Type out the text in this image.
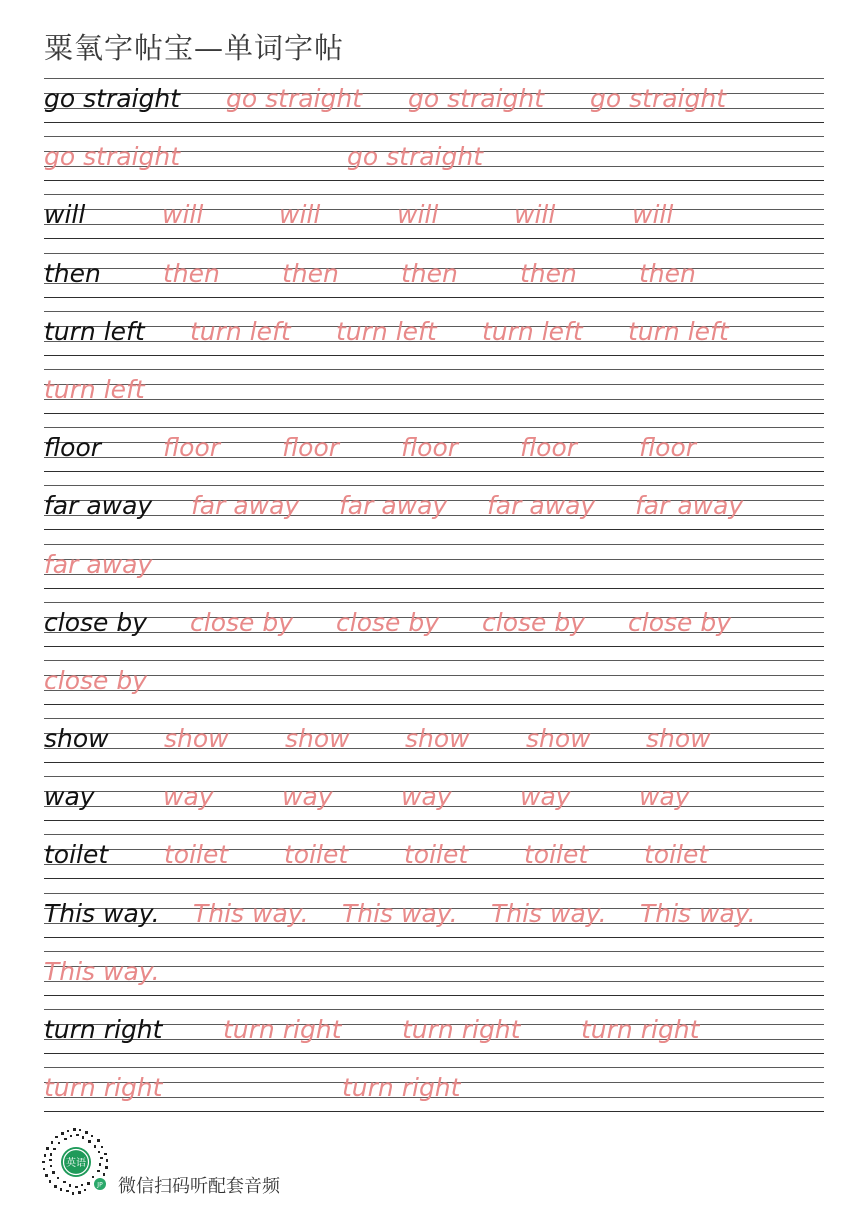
粟氧字帖宝—单词字帖
go straight go straight go straight go straight
go straight	go straight
will	will	will	will	will	will
then then then then then then
turn left turn left turn left turn left turn left
turn left
floor floor floor floor floor floor
far away far away far away far away far away
far away
close by close by close by close by close by
close by
show show show show show show
way	way	way	way	way	way
toilet toilet toilet toilet toilet toilet
This way. This way. This way. This way. This way.
This way.
turn right turn right turn right turn right
turn right	turn right
英语
JP 微信扫码听配套音频
